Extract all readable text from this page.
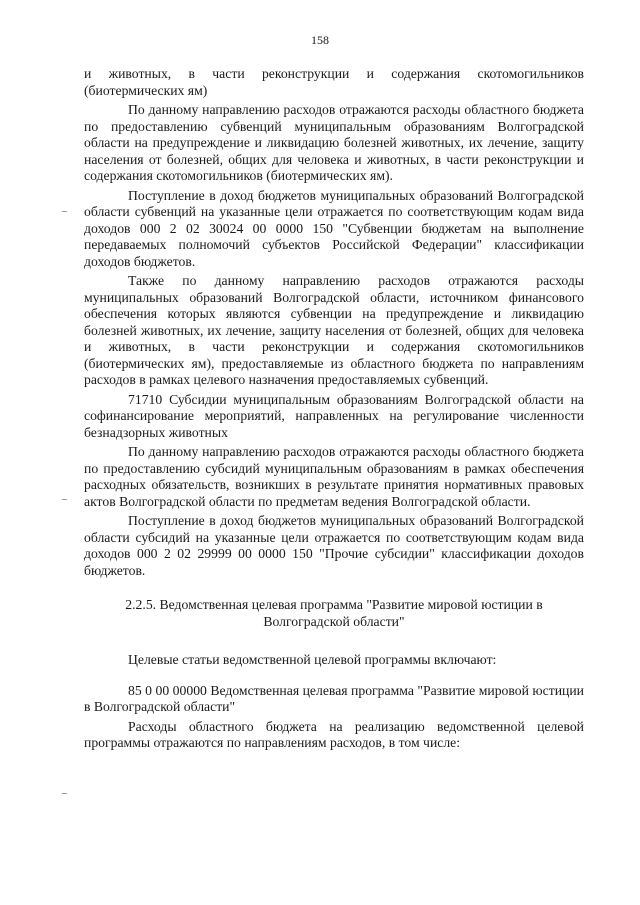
158

и животных, в части реконструкции и содержания скотомогильников (биотермических ям)

По данному направлению расходов отражаются расходы областного бюджета по предоставлению субвенций муниципальным образованиям Волгоградской области на предупреждение и ликвидацию болезней животных, их лечение, защиту населения от болезней, общих для человека и животных, в части реконструкции и содержания скотомогильников (биотермических ям).

Поступление в доход бюджетов муниципальных образований Волгоградской области субвенций на указанные цели отражается по соответствующим кодам вида доходов 000 2 02 30024 00 0000 150 "Субвенции бюджетам на выполнение передаваемых полномочий субъектов Российской Федерации" классификации доходов бюджетов.

Также по данному направлению расходов отражаются расходы муниципальных образований Волгоградской области, источником финансового обеспечения которых являются субвенции на предупреждение и ликвидацию болезней животных, их лечение, защиту населения от болезней, общих для человека и животных, в части реконструкции и содержания скотомогильников (биотермических ям), предоставляемые из областного бюджета по направлениям расходов в рамках целевого назначения предоставляемых субвенций.

71710 Субсидии муниципальным образованиям Волгоградской области на софинансирование мероприятий, направленных на регулирование численности безнадзорных животных

По данному направлению расходов отражаются расходы областного бюджета по предоставлению субсидий муниципальным образованиям в рамках обеспечения расходных обязательств, возникших в результате принятия нормативных правовых актов Волгоградской области по предметам ведения Волгоградской области.

Поступление в доход бюджетов муниципальных образований Волгоградской области субсидий на указанные цели отражается по соответствующим кодам вида доходов 000 2 02 29999 00 0000 150 "Прочие субсидии" классификации доходов бюджетов.

2.2.5. Ведомственная целевая программа "Развитие мировой юстиции в
Волгоградской области"

Целевые статьи ведомственной целевой программы включают:

85 0 00 00000 Ведомственная целевая программа "Развитие мировой юстиции в Волгоградской области"

Расходы областного бюджета на реализацию ведомственной целевой программы отражаются по направлениям расходов, в том числе:
